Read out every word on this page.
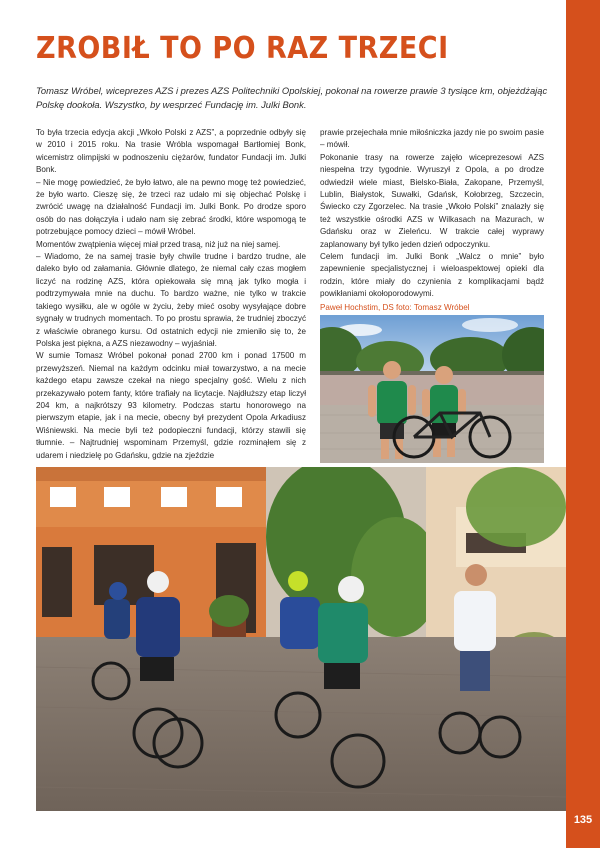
135
ZROBIŁ TO PO RAZ TRZECI

Tomasz Wróbel, wiceprezes AZS i prezes AZS Politechniki Opolskiej, pokonał na rowerze prawie 3 tysiące km, objeżdżając Polskę dookoła. Wszystko, by wesprzeć Fundację im. Julki Bonk.

To była trzecia edycja akcji „Wkoło Polski z AZS”, a poprzednie odbyły się w 2010 i 2015 roku. Na trasie Wróbla wspomagał Bartłomiej Bonk, wicemistrz olimpijski w podnoszeniu ciężarów, fundator Fundacji im. Julki Bonk.

– Nie mogę powiedzieć, że było łatwo, ale na pewno mogę też powiedzieć, że było warto. Cieszę się, że trzeci raz udało mi się objechać Polskę i zwrócić uwagę na działalność Fundacji im. Julki Bonk. Po drodze sporo osób do nas dołączyła i udało nam się zebrać środki, które wspomogą te potrzebujące pomocy dzieci – mówił Wróbel.

Momentów zwątpienia więcej miał przed trasą, niż już na niej samej.

– Wiadomo, że na samej trasie były chwile trudne i bardzo trudne, ale daleko było od załamania. Głównie dlatego, że niemal cały czas mogłem liczyć na rodzinę AZS, która opiekowała się mną jak tylko mogła i podtrzymywała mnie na duchu. To bardzo ważne, nie tylko w trakcie takiego wysiłku, ale w ogóle w życiu, żeby mieć osoby wysyłające dobre sygnały w trudnych momentach. To po prostu sprawia, że trudniej zboczyć z właściwie obranego kursu. Od ostatnich edycji nie zmieniło się to, że Polska jest piękna, a AZS niezawodny – wyjaśniał.

W sumie Tomasz Wróbel pokonał ponad 2700 km i ponad 17500 m przewyższeń. Niemal na każdym odcinku miał towarzystwo, a na mecie każdego etapu zawsze czekał na niego specjalny gość. Wielu z nich przekazywało potem fanty, które trafiały na licytacje. Najdłuższy etap liczył 204 km, a najkrótszy 93 kilometry. Podczas startu honorowego na pierwszym etapie, jak i na mecie, obecny był prezydent Opola Arkadiusz Wiśniewski. Na mecie byli też podopieczni fundacji, którzy stawili się tłumnie. – Najtrudniej wspominam Przemyśl, gdzie rozminąłem się z udarem i niedzielę po Gdańsku, gdzie na zjeździe

prawie przejechała mnie miłośniczka jazdy nie po swoim pasie – mówił.

Pokonanie trasy na rowerze zajęło wiceprezesowi AZS niespełna trzy tygodnie. Wyruszył z Opola, a po drodze odwiedził wiele miast, Bielsko-Biała, Zakopane, Przemyśl, Lublin, Białystok, Suwałki, Gdańsk, Kołobrzeg, Szczecin, Świecko czy Zgorzelec. Na trasie „Wkoło Polski” znalazły się też wszystkie ośrodki AZS w Wilkasach na Mazurach, w Gdańsku oraz w Zieleńcu. W trakcie całej wyprawy zaplanowany był tylko jeden dzień odpoczynku.

Celem fundacji im. Julki Bonk „Walcz o mnie” było zapewnienie specjalistycznej i wieloaspektowej opieki dla rodzin, które miały do czynienia z komplikacjami bądź powikłaniami okołoporodowymi.

Paweł Hochstim, DS foto: Tomasz Wróbel
